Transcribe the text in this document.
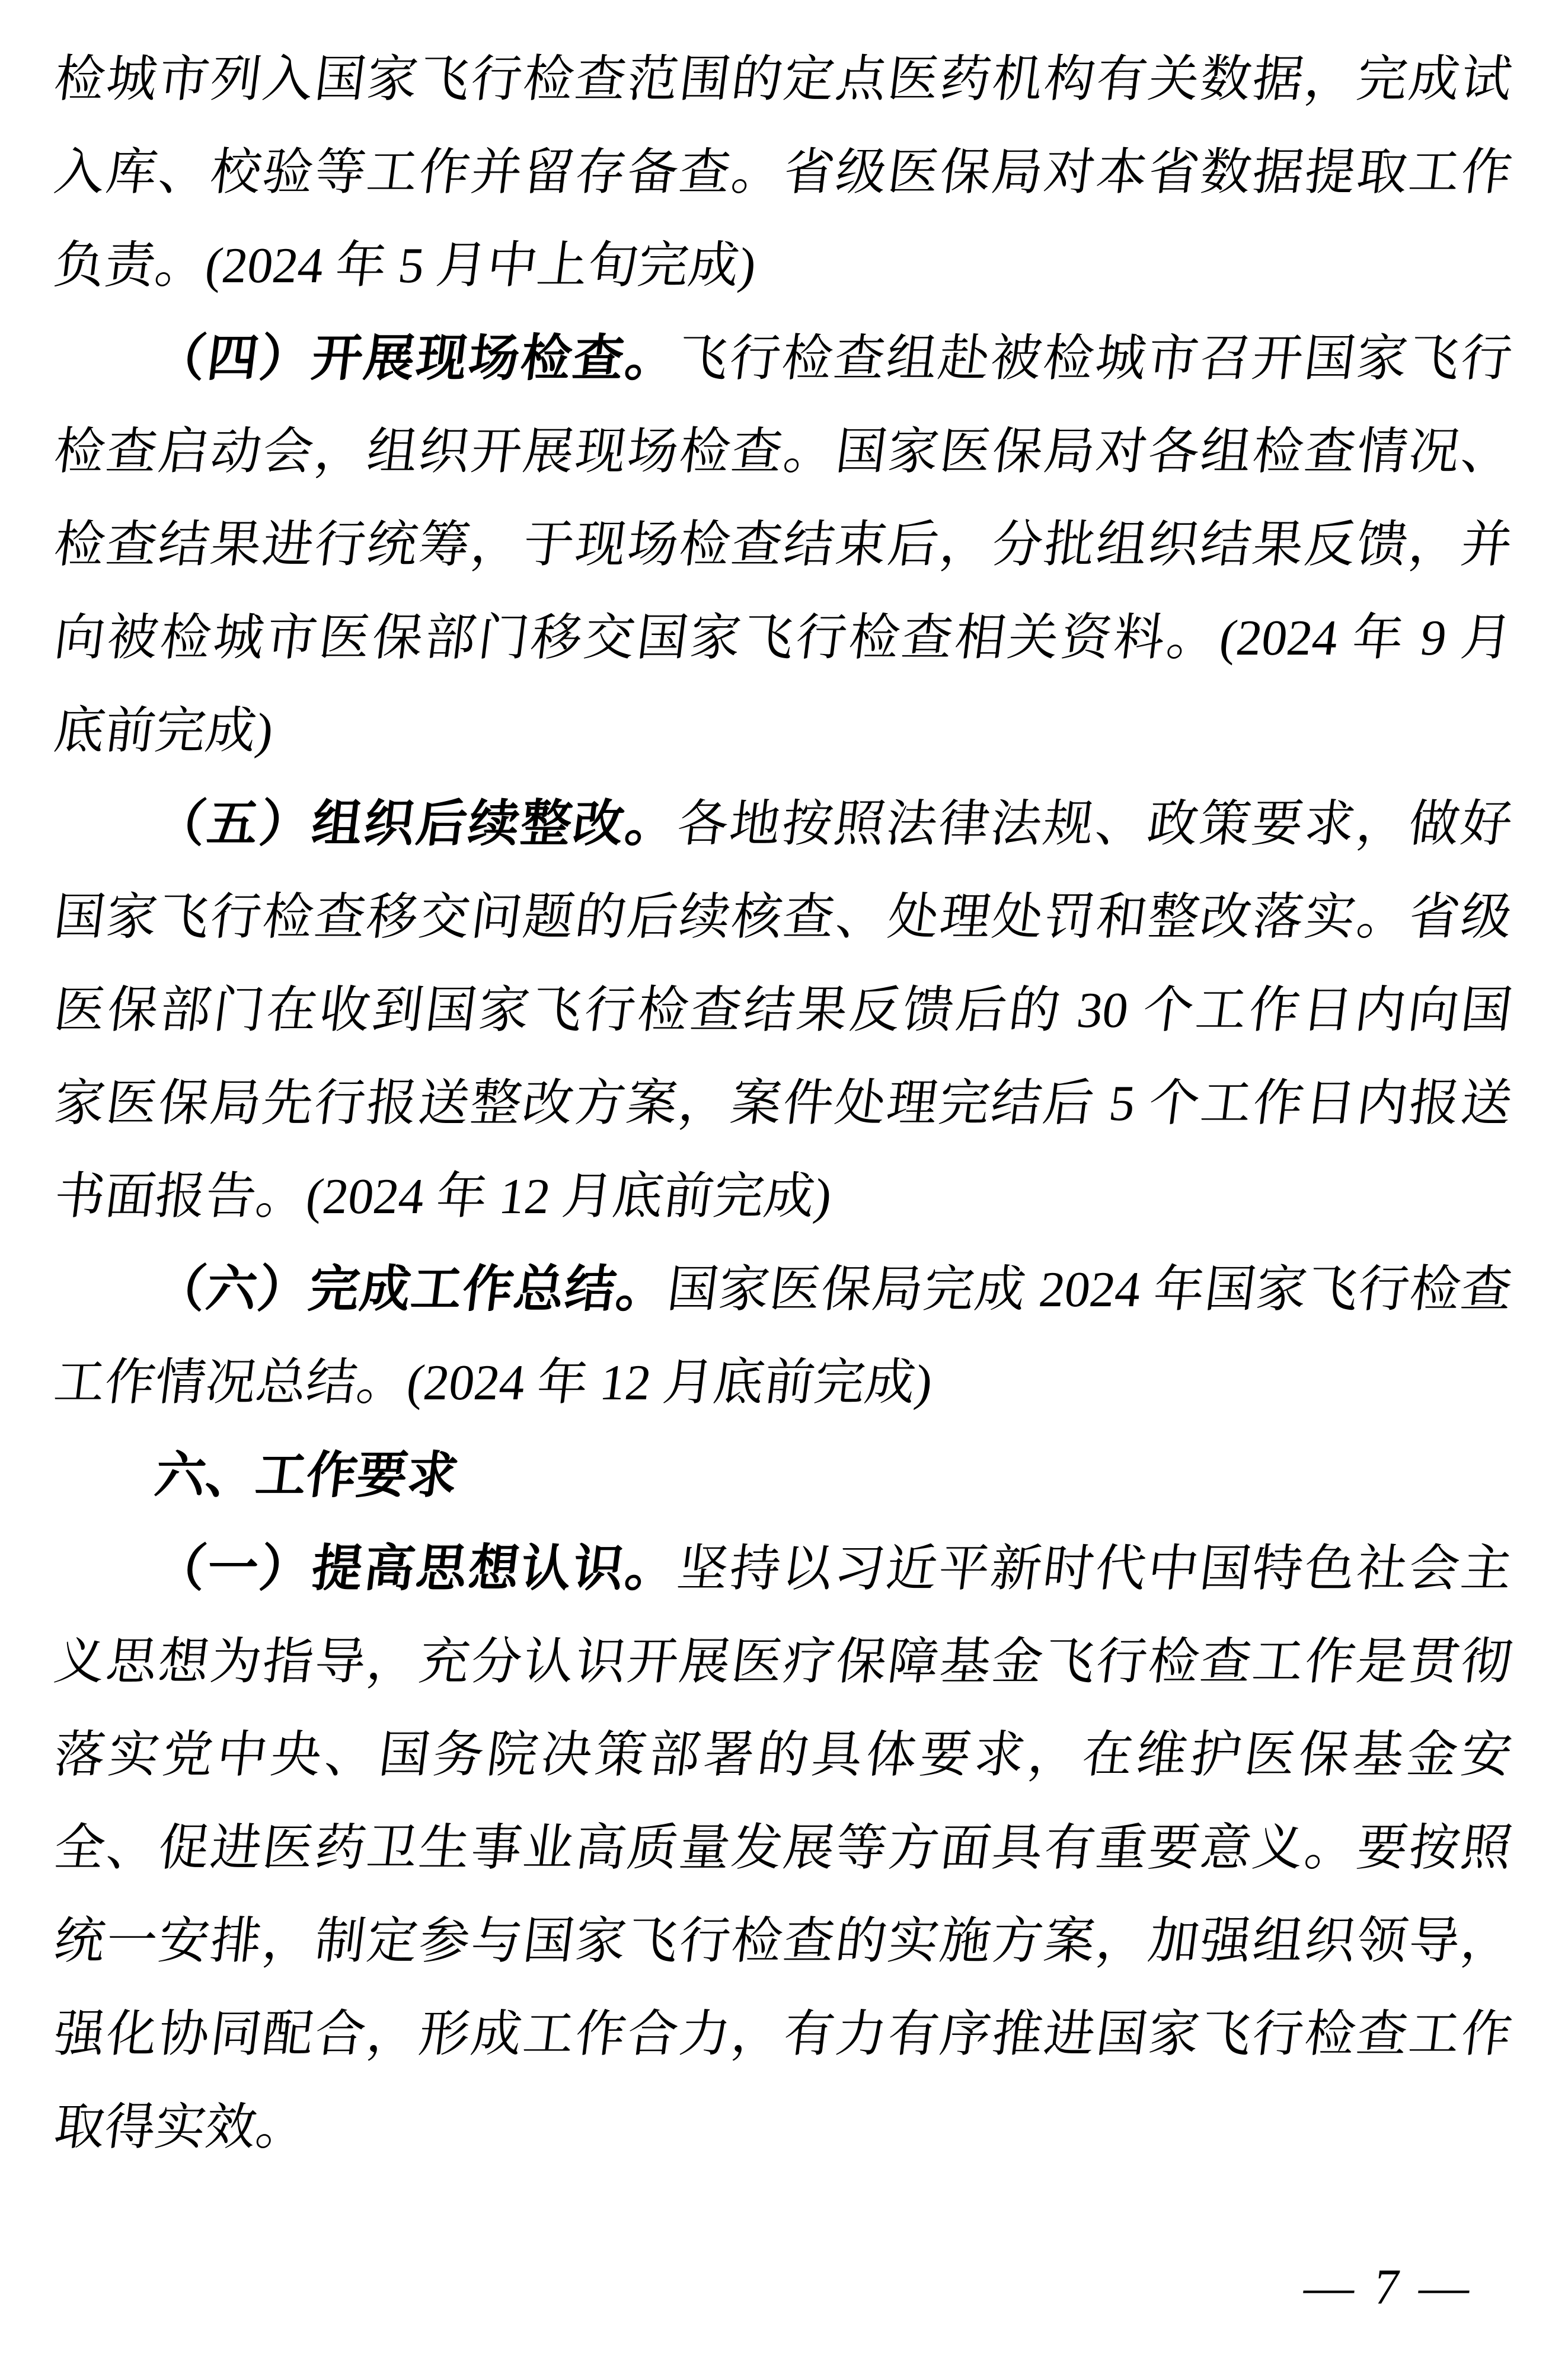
检城市列入国家飞行检查范围的定点医药机构有关数据，完成试
入库、校验等工作并留存备查。省级医保局对本省数据提取工作
负责。(2024 年 5 月中上旬完成)
（四）开展现场检查。飞行检查组赴被检城市召开国家飞行
检查启动会，组织开展现场检查。国家医保局对各组检查情况、
检查结果进行统筹，于现场检查结束后，分批组织结果反馈，并
向被检城市医保部门移交国家飞行检查相关资料。(2024 年 9 月
底前完成)
（五）组织后续整改。各地按照法律法规、政策要求，做好
国家飞行检查移交问题的后续核查、处理处罚和整改落实。省级
医保部门在收到国家飞行检查结果反馈后的 30 个工作日内向国
家医保局先行报送整改方案，案件处理完结后 5 个工作日内报送
书面报告。(2024 年 12 月底前完成)
（六）完成工作总结。国家医保局完成 2024 年国家飞行检查
工作情况总结。(2024 年 12 月底前完成)
六、工作要求
（一）提高思想认识。坚持以习近平新时代中国特色社会主
义思想为指导，充分认识开展医疗保障基金飞行检查工作是贯彻
落实党中央、国务院决策部署的具体要求，在维护医保基金安
全、促进医药卫生事业高质量发展等方面具有重要意义。要按照
统一安排，制定参与国家飞行检查的实施方案，加强组织领导，
强化协同配合，形成工作合力，有力有序推进国家飞行检查工作
取得实效。
— 7 —
